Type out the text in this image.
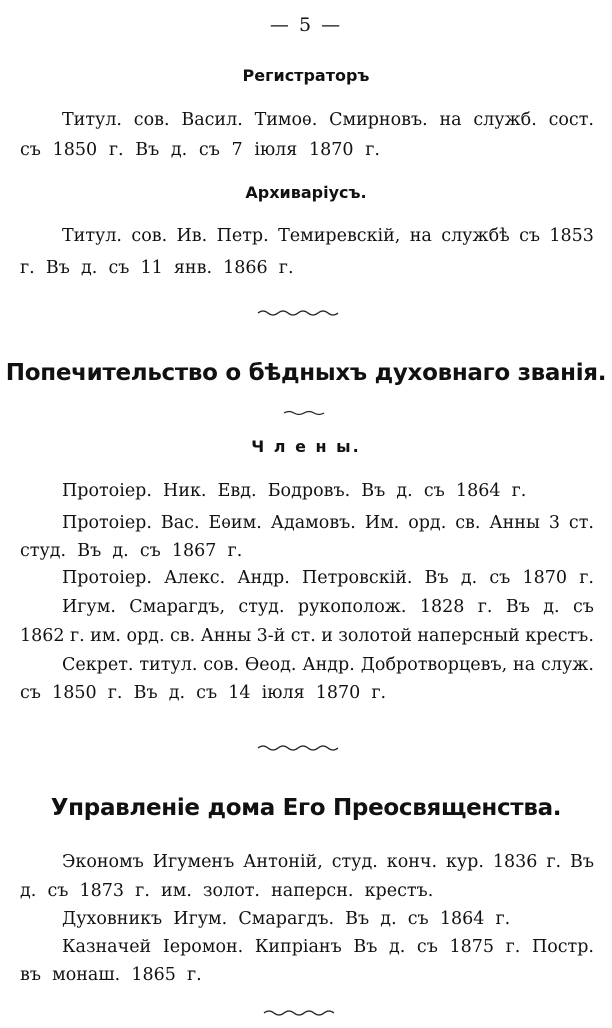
— 5 —
Регистраторъ
Титул. сов. Васил. Тимоѳ. Смирновъ. на служб. сост.
съ 1850 г. Въ д. съ 7 іюля 1870 г.
Архиваріусъ.
Титул. сов. Ив. Петр. Темиревскій, на службѣ съ 1853
г.  Въ  д.  съ  11  янв.  1866  г.
Попечительство о бѣдныхъ духовнаго званія.
Ч л е н ы.
Протоіер.  Ник.  Евд.  Бодровъ.  Въ  д.  съ  1864  г.
Протоіер. Вас. Еѳим. Адамовъ. Им. орд. св. Анны 3 ст.
студ.  Въ  д.  съ  1867  г.
Протоіер. Алекс. Андр. Петровскій. Въ д. съ 1870 г.
Игум. Смарагдъ, студ. рукополож. 1828 г. Въ д. съ
1862 г. им. орд. св. Анны 3-й ст. и золотой наперсный крестъ.
Секрет. титул. сов. Ѳеод. Андр. Добротворцевъ, на служ.
съ  1850  г.  Въ  д.  съ  14  іюля  1870  г.
Управленіе дома Его Преосвященства.
Экономъ Игуменъ Антоній, студ. конч. кур. 1836 г. Въ
д.  съ  1873  г.  им.  золот.  наперсн.  крестъ.
Духовникъ  Игум.  Смарагдъ.  Въ  д.  съ  1864  г.
Казначей Іеромон. Кипріанъ Въ д. съ 1875 г. Постр.
въ  монаш.  1865  г.
